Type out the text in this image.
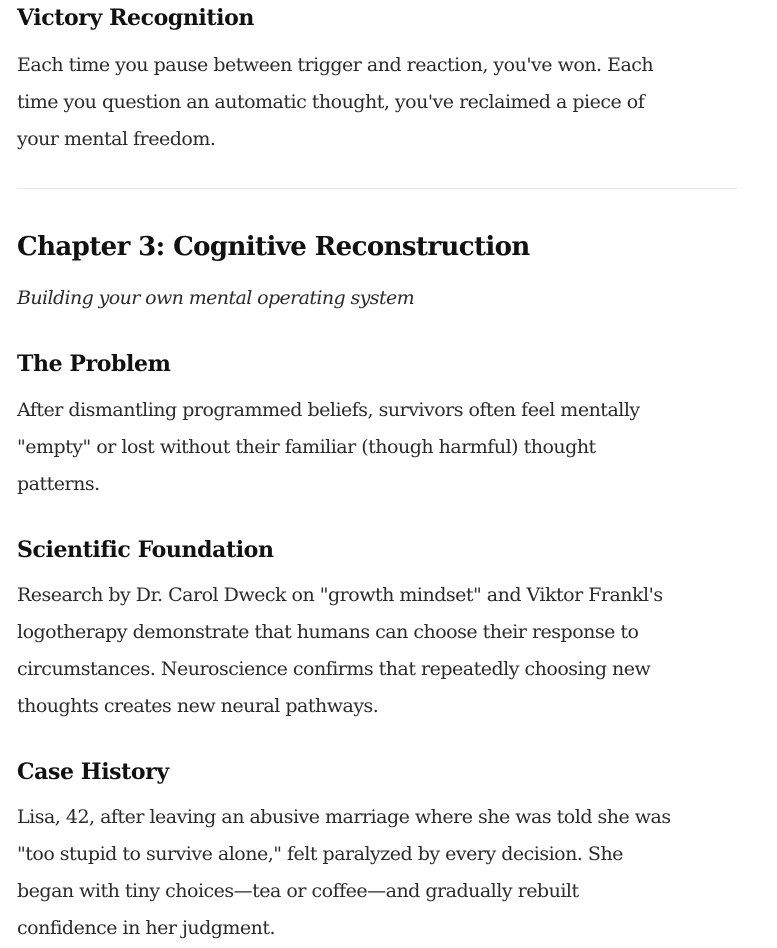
Victory Recognition

Each time you pause between trigger and reaction, you've won. Each
time you question an automatic thought, you've reclaimed a piece of
your mental freedom.

Chapter 3: Cognitive Reconstruction

Building your own mental operating system

The Problem

After dismantling programmed beliefs, survivors often feel mentally
"empty" or lost without their familiar (though harmful) thought
patterns.

Scientific Foundation

Research by Dr. Carol Dweck on "growth mindset" and Viktor Frankl's
logotherapy demonstrate that humans can choose their response to
circumstances. Neuroscience confirms that repeatedly choosing new
thoughts creates new neural pathways.

Case History

Lisa, 42, after leaving an abusive marriage where she was told she was
"too stupid to survive alone," felt paralyzed by every decision. She
began with tiny choices—tea or coffee—and gradually rebuilt
confidence in her judgment.
